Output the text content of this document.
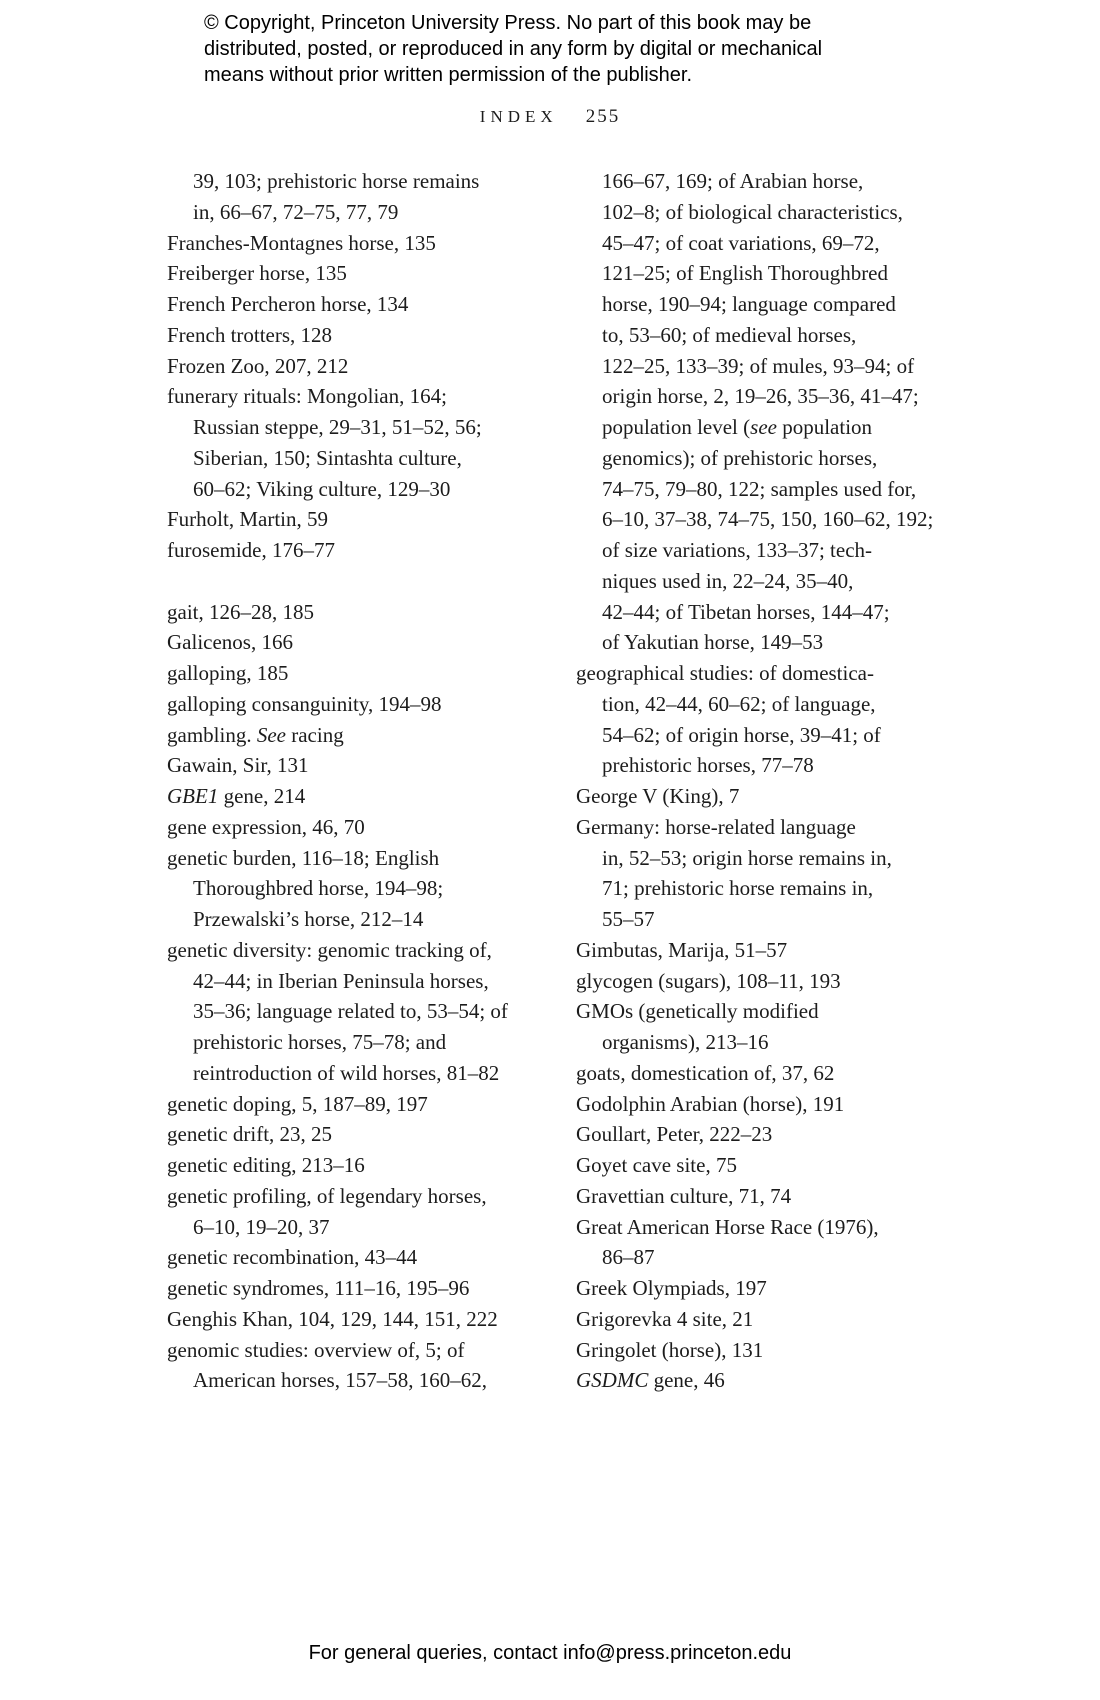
© Copyright, Princeton University Press. No part of this book may be
distributed, posted, or reproduced in any form by digital or mechanical
means without prior written permission of the publisher.
INDEX 255
39, 103; prehistoric horse remains
in, 66–67, 72–75, 77, 79
Franches-Montagnes horse, 135
Freiberger horse, 135
French Percheron horse, 134
French trotters, 128
Frozen Zoo, 207, 212
funerary rituals: Mongolian, 164;
Russian steppe, 29–31, 51–52, 56;
Siberian, 150; Sintashta culture,
60–62; Viking culture, 129–30
Furholt, Martin, 59
furosemide, 176–77
gait, 126–28, 185
Galicenos, 166
galloping, 185
galloping consanguinity, 194–98
gambling. See racing
Gawain, Sir, 131
GBE1 gene, 214
gene expression, 46, 70
genetic burden, 116–18; English
Thoroughbred horse, 194–98;
Przewalski’s horse, 212–14
genetic diversity: genomic tracking of,
42–44; in Iberian Peninsula horses,
35–36; language related to, 53–54; of
prehistoric horses, 75–78; and
reintroduction of wild horses, 81–82
genetic doping, 5, 187–89, 197
genetic drift, 23, 25
genetic editing, 213–16
genetic profiling, of legendary horses,
6–10, 19–20, 37
genetic recombination, 43–44
genetic syndromes, 111–16, 195–96
Genghis Khan, 104, 129, 144, 151, 222
genomic studies: overview of, 5; of
American horses, 157–58, 160–62,
166–67, 169; of Arabian horse,
102–8; of biological characteristics,
45–47; of coat variations, 69–72,
121–25; of English Thoroughbred
horse, 190–94; language compared
to, 53–60; of medieval horses,
122–25, 133–39; of mules, 93–94; of
origin horse, 2, 19–26, 35–36, 41–47;
population level (see population
genomics); of prehistoric horses,
74–75, 79–80, 122; samples used for,
6–10, 37–38, 74–75, 150, 160–62, 192;
of size variations, 133–37; tech-
niques used in, 22–24, 35–40,
42–44; of Tibetan horses, 144–47;
of Yakutian horse, 149–53
geographical studies: of domestica-
tion, 42–44, 60–62; of language,
54–62; of origin horse, 39–41; of
prehistoric horses, 77–78
George V (King), 7
Germany: horse-related language
in, 52–53; origin horse remains in,
71; prehistoric horse remains in,
55–57
Gimbutas, Marija, 51–57
glycogen (sugars), 108–11, 193
GMOs (genetically modified
organisms), 213–16
goats, domestication of, 37, 62
Godolphin Arabian (horse), 191
Goullart, Peter, 222–23
Goyet cave site, 75
Gravettian culture, 71, 74
Great American Horse Race (1976),
86–87
Greek Olympiads, 197
Grigorevka 4 site, 21
Gringolet (horse), 131
GSDMC gene, 46
For general queries, contact info@press.princeton.edu
